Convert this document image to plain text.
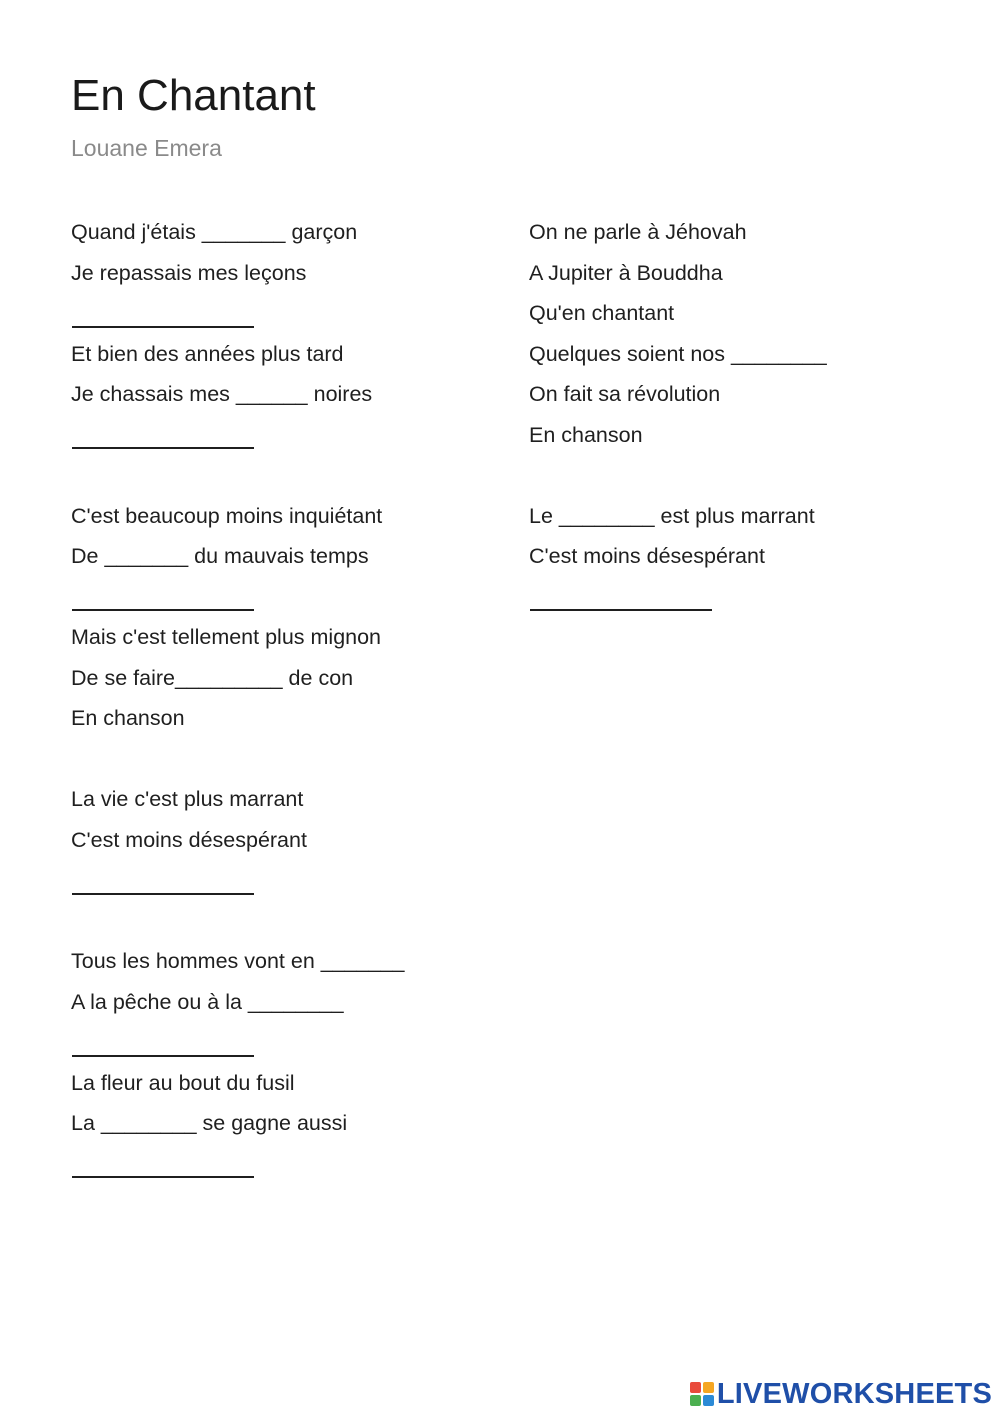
En Chantant
Louane Emera
Quand j'étais _______ garçon
Je repassais mes leçons
Et bien des années plus tard
Je chassais mes ______ noires
C'est beaucoup moins inquiétant
De _______ du mauvais temps
Mais c'est tellement plus mignon
De se faire_________ de con
En chanson
La vie c'est plus marrant
C'est moins désespérant
Tous les hommes vont en _______
A la pêche ou à la ________
La fleur au bout du fusil
La ________ se gagne aussi
On ne parle à Jéhovah
A Jupiter à Bouddha
Qu'en chantant
Quelques soient nos ________
On fait sa révolution
En chanson
Le ________ est plus marrant
C'est moins désespérant
LIVEWORKSHEETS
